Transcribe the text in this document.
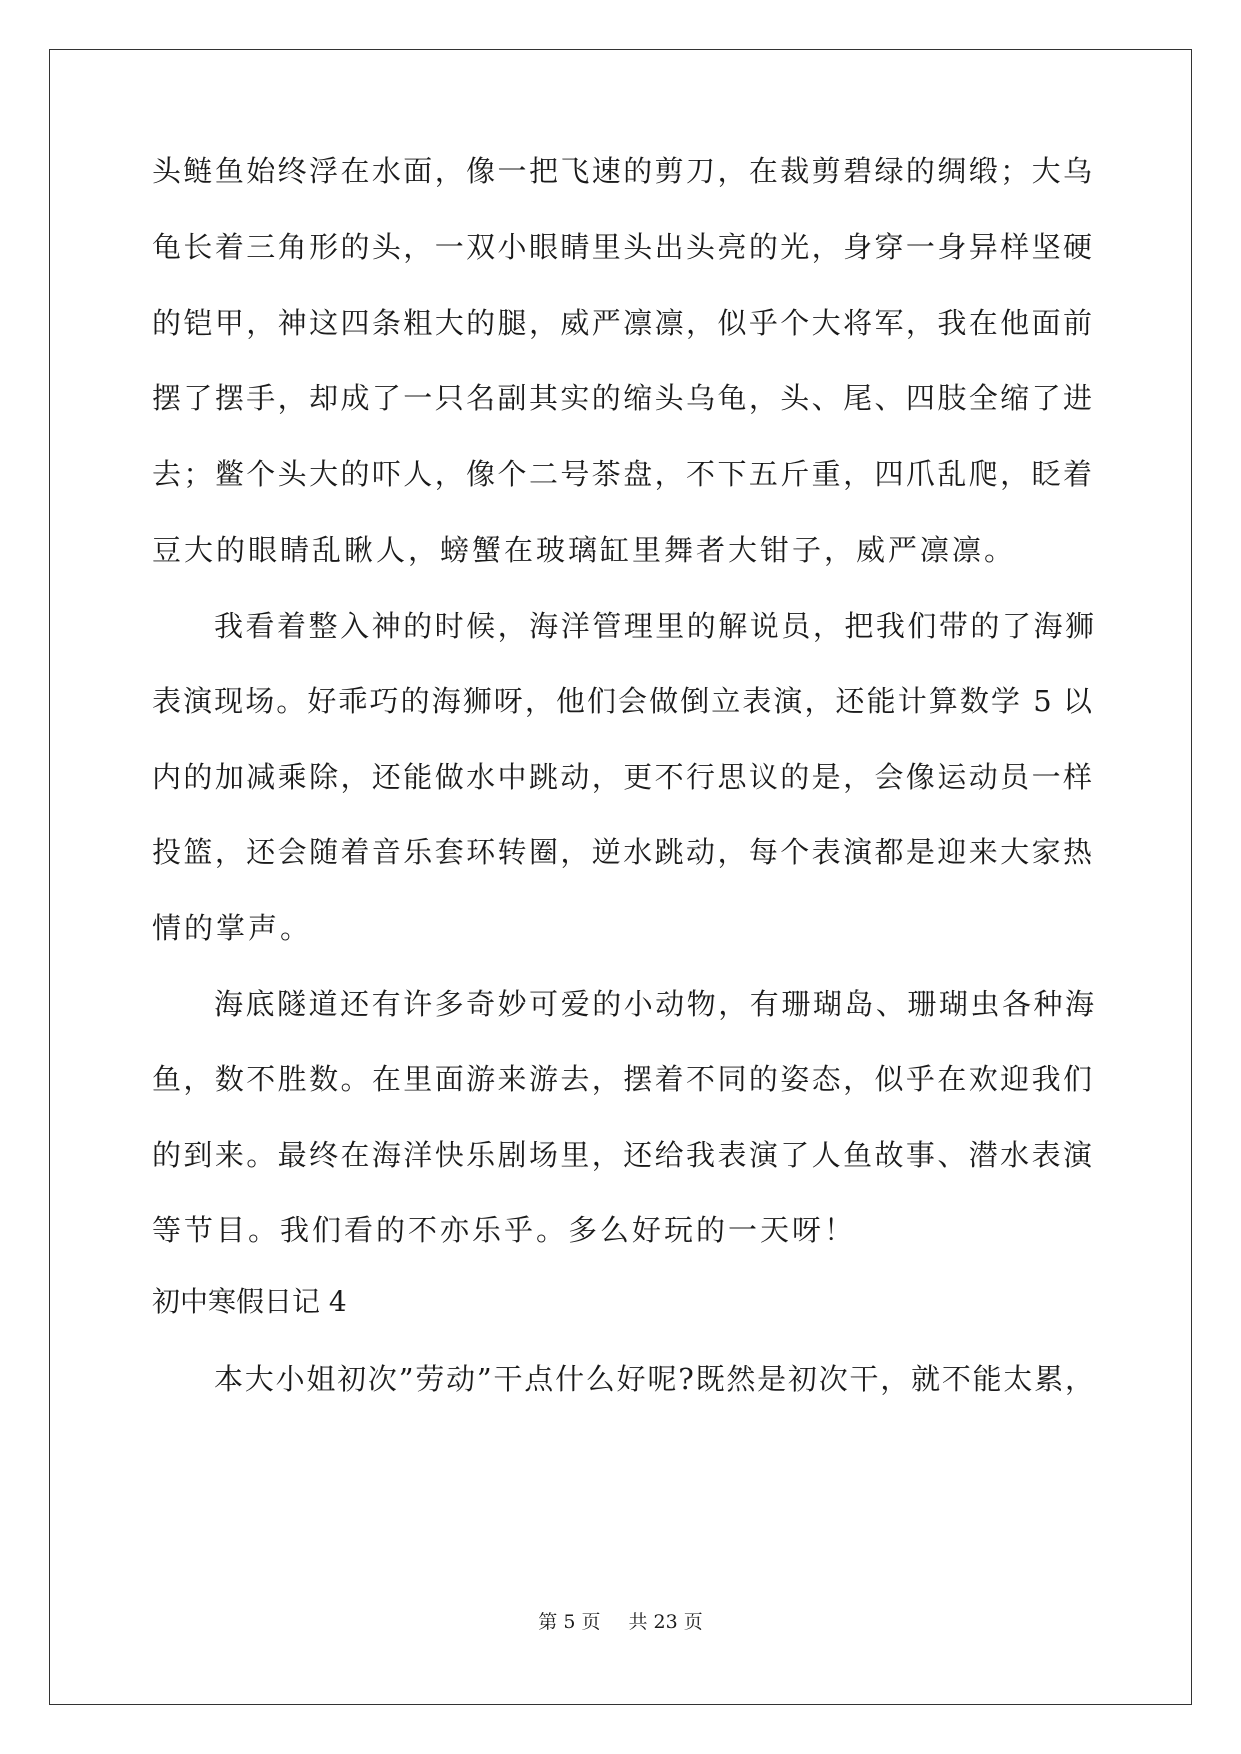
头鲢鱼始终浮在水面，像一把飞速的剪刀，在裁剪碧绿的绸缎；大乌
龟长着三角形的头，一双小眼睛里头出头亮的光，身穿一身异样坚硬
的铠甲，神这四条粗大的腿，威严凛凛，似乎个大将军，我在他面前
摆了摆手，却成了一只名副其实的缩头乌龟，头、尾、四肢全缩了进
去；鳖个头大的吓人，像个二号茶盘，不下五斤重，四爪乱爬，眨着
豆大的眼睛乱瞅人，螃蟹在玻璃缸里舞者大钳子，威严凛凛。
我看着整入神的时候，海洋管理里的解说员，把我们带的了海狮
表演现场。好乖巧的海狮呀，他们会做倒立表演，还能计算数学 5 以
内的加减乘除，还能做水中跳动，更不行思议的是，会像运动员一样
投篮，还会随着音乐套环转圈，逆水跳动，每个表演都是迎来大家热
情的掌声。
海底隧道还有许多奇妙可爱的小动物，有珊瑚岛、珊瑚虫各种海
鱼，数不胜数。在里面游来游去，摆着不同的姿态，似乎在欢迎我们
的到来。最终在海洋快乐剧场里，还给我表演了人鱼故事、潜水表演
等节目。我们看的不亦乐乎。多么好玩的一天呀！
初中寒假日记 4
本大小姐初次”劳动”干点什么好呢?既然是初次干，就不能太累，
第 5 页 共 23 页
